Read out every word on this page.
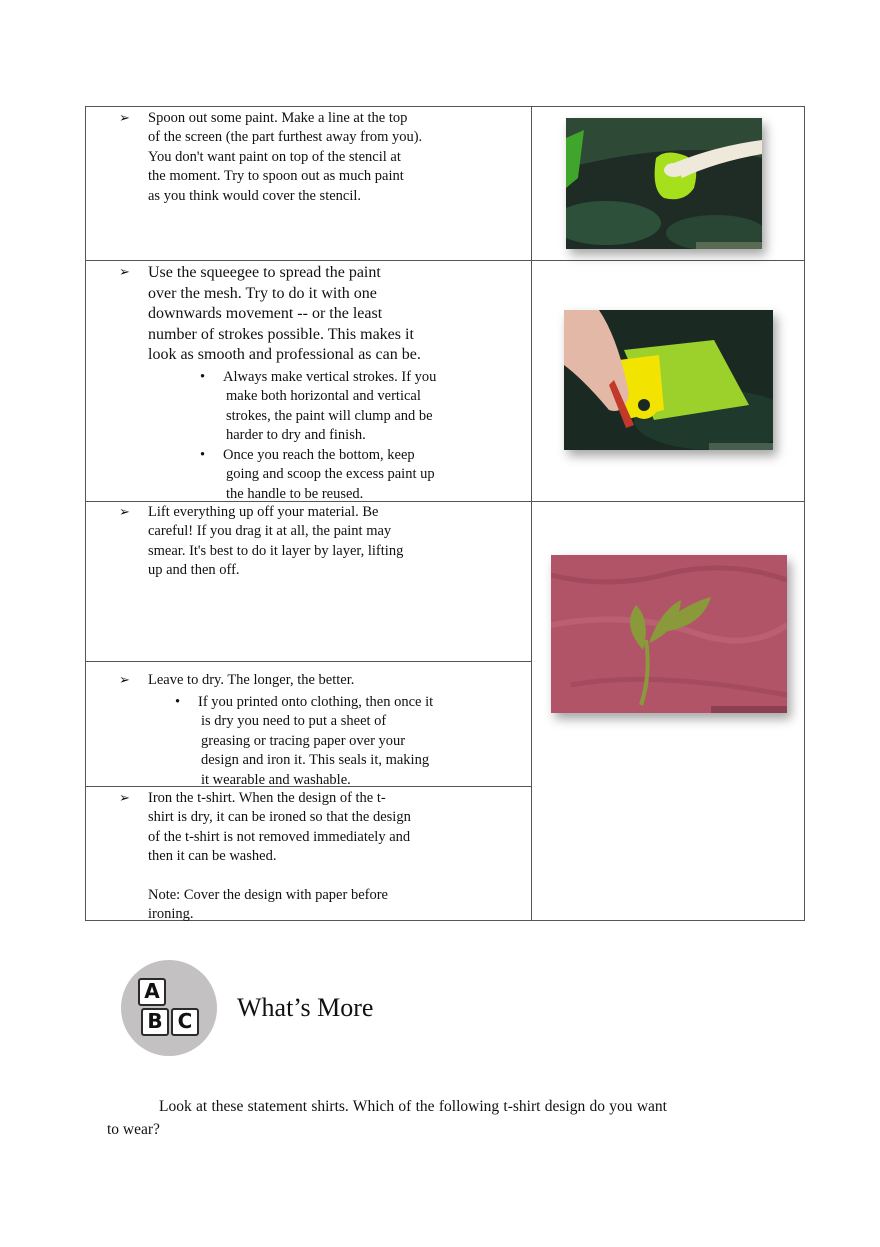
➢ Spoon out some paint. Make a line at the top
of the screen (the part furthest away from you).
You don't want paint on top of the stencil at
the moment. Try to spoon out as much paint
as you think would cover the stencil.
➢ Use the squeegee to spread the paint
over the mesh. Try to do it with one
downwards movement -- or the least
number of strokes possible. This makes it
look as smooth and professional as can be.
• Always make vertical strokes. If you
make both horizontal and vertical
strokes, the paint will clump and be
harder to dry and finish.
• Once you reach the bottom, keep
going and scoop the excess paint up
the handle to be reused.
➢ Lift everything up off your material. Be
careful! If you drag it at all, the paint may
smear. It's best to do it layer by layer, lifting
up and then off.
➢ Leave to dry. The longer, the better.
• If you printed onto clothing, then once it
is dry you need to put a sheet of
greasing or tracing paper over your
design and iron it. This seals it, making
it wearable and washable.
➢ Iron the t-shirt. When the design of the t-
shirt is dry, it can be ironed so that the design
of the t-shirt is not removed immediately and
then it can be washed.

Note: Cover the design with paper before
ironing.
A
B C What’s More
Look at these statement shirts. Which of the following t-shirt design do you want to wear?
